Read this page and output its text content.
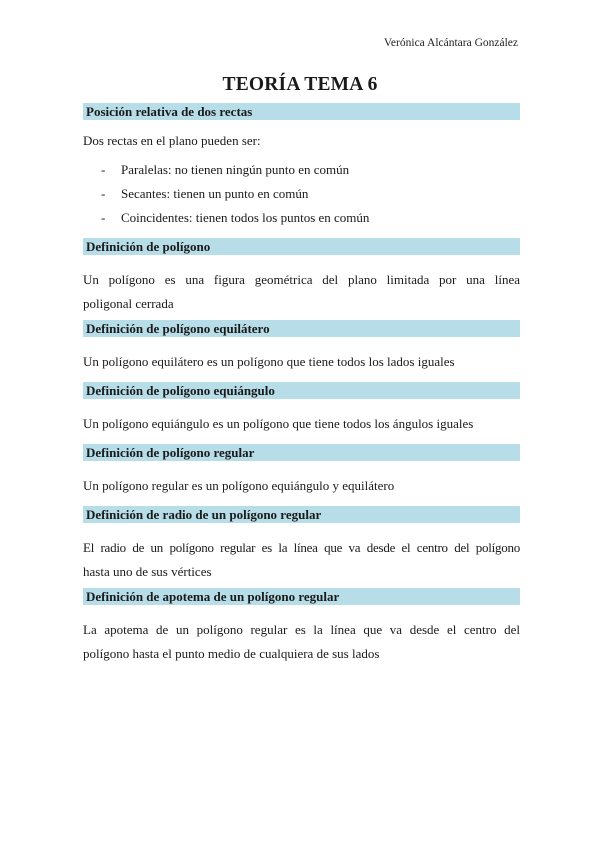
Verónica Alcántara González
TEORÍA TEMA 6
Posición relativa de dos rectas

Dos rectas en el plano pueden ser:

- Paralelas: no tienen ningún punto en común
- Secantes: tienen un punto en común
- Coincidentes: tienen todos los puntos en común
Definición de polígono
Un polígono es una figura geométrica del plano limitada por una línea
poligonal cerrada
Definición de polígono equilátero

Un polígono equilátero es un polígono que tiene todos los lados iguales

Definición de polígono equiángulo

Un polígono equiángulo es un polígono que tiene todos los ángulos iguales

Definición de polígono regular

Un polígono regular es un polígono equiángulo y equilátero

Definición de radio de un polígono regular
El radio de un polígono regular es la línea que va desde el centro del polígono
hasta uno de sus vértices
Definición de apotema de un polígono regular
La apotema de un polígono regular es la línea que va desde el centro del
polígono hasta el punto medio de cualquiera de sus lados
